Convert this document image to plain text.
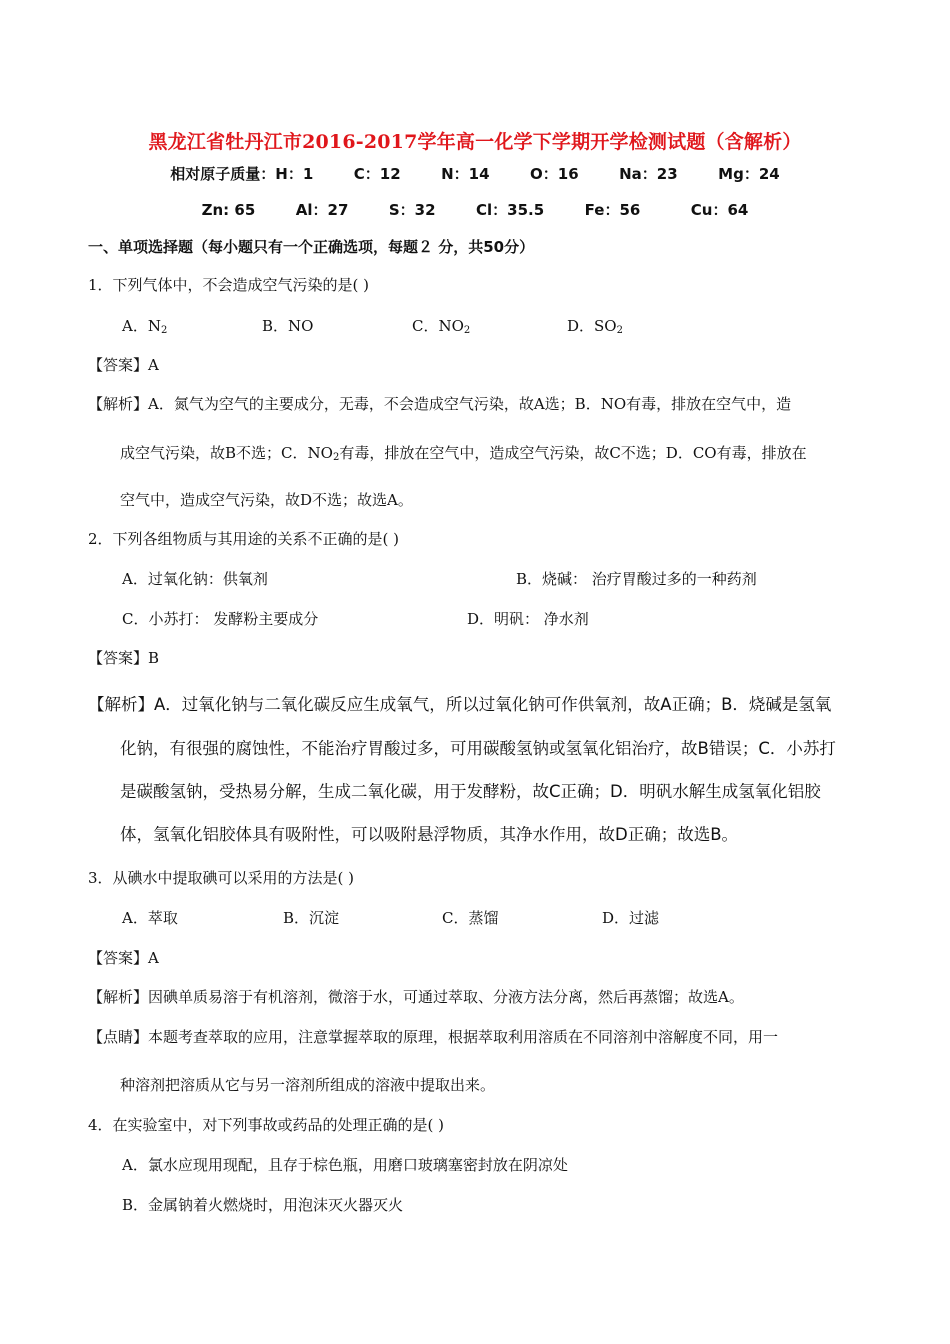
黑龙江省牡丹江市2016-2017学年高一化学下学期开学检测试题（含解析）
相对原子质量：H：1	C：12	N：14	O：16	Na：23	Mg：24
Zn: 65	Al：27	S：32	Cl：35.5	Fe：56	Cu：64
一、单项选择题（每小题只有一个正确选项，每题２ 分，共50分）
1．下列气体中，不会造成空气污染的是( )
A．$N_2$	B．NO	C．$NO_2$	D．$SO_2$
【答案】A
【解析】A．氮气为空气的主要成分，无毒，不会造成空气污染，故A选；B．NO有毒，排放在空气中，造
成空气污染，故B不选；C．$NO_2$有毒，排放在空气中，造成空气污染，故C不选；D．CO有毒，排放在
空气中，造成空气污染，故D不选；故选A。
2．下列各组物质与其用途的关系不正确的是( )
A．过氧化钠：供氧剂	B．烧碱： 治疗胃酸过多的一种药剂
C．小苏打： 发酵粉主要成分	D．明矾： 净水剂
【答案】B
【解析】A．过氧化钠与二氧化碳反应生成氧气，所以过氧化钠可作供氧剂，故A正确；B．烧碱是氢氧
化钠，有很强的腐蚀性，不能治疗胃酸过多，可用碳酸氢钠或氢氧化铝治疗，故B错误；C．小苏打
是碳酸氢钠，受热易分解，生成二氧化碳，用于发酵粉，故C正确；D．明矾水解生成氢氧化铝胶
体，氢氧化铝胶体具有吸附性，可以吸附悬浮物质，其净水作用，故D正确；故选B。
3．从碘水中提取碘可以采用的方法是( )
A．萃取	B．沉淀	C．蒸馏	D．过滤
【答案】A
【解析】因碘单质易溶于有机溶剂，微溶于水，可通过萃取、分液方法分离，然后再蒸馏；故选A。
【点睛】本题考查萃取的应用，注意掌握萃取的原理，根据萃取利用溶质在不同溶剂中溶解度不同，用一
种溶剂把溶质从它与另一溶剂所组成的溶液中提取出来。
4．在实验室中，对下列事故或药品的处理正确的是( )
A．氯水应现用现配，且存于棕色瓶，用磨口玻璃塞密封放在阴凉处
B．金属钠着火燃烧时，用泡沫灭火器灭火
